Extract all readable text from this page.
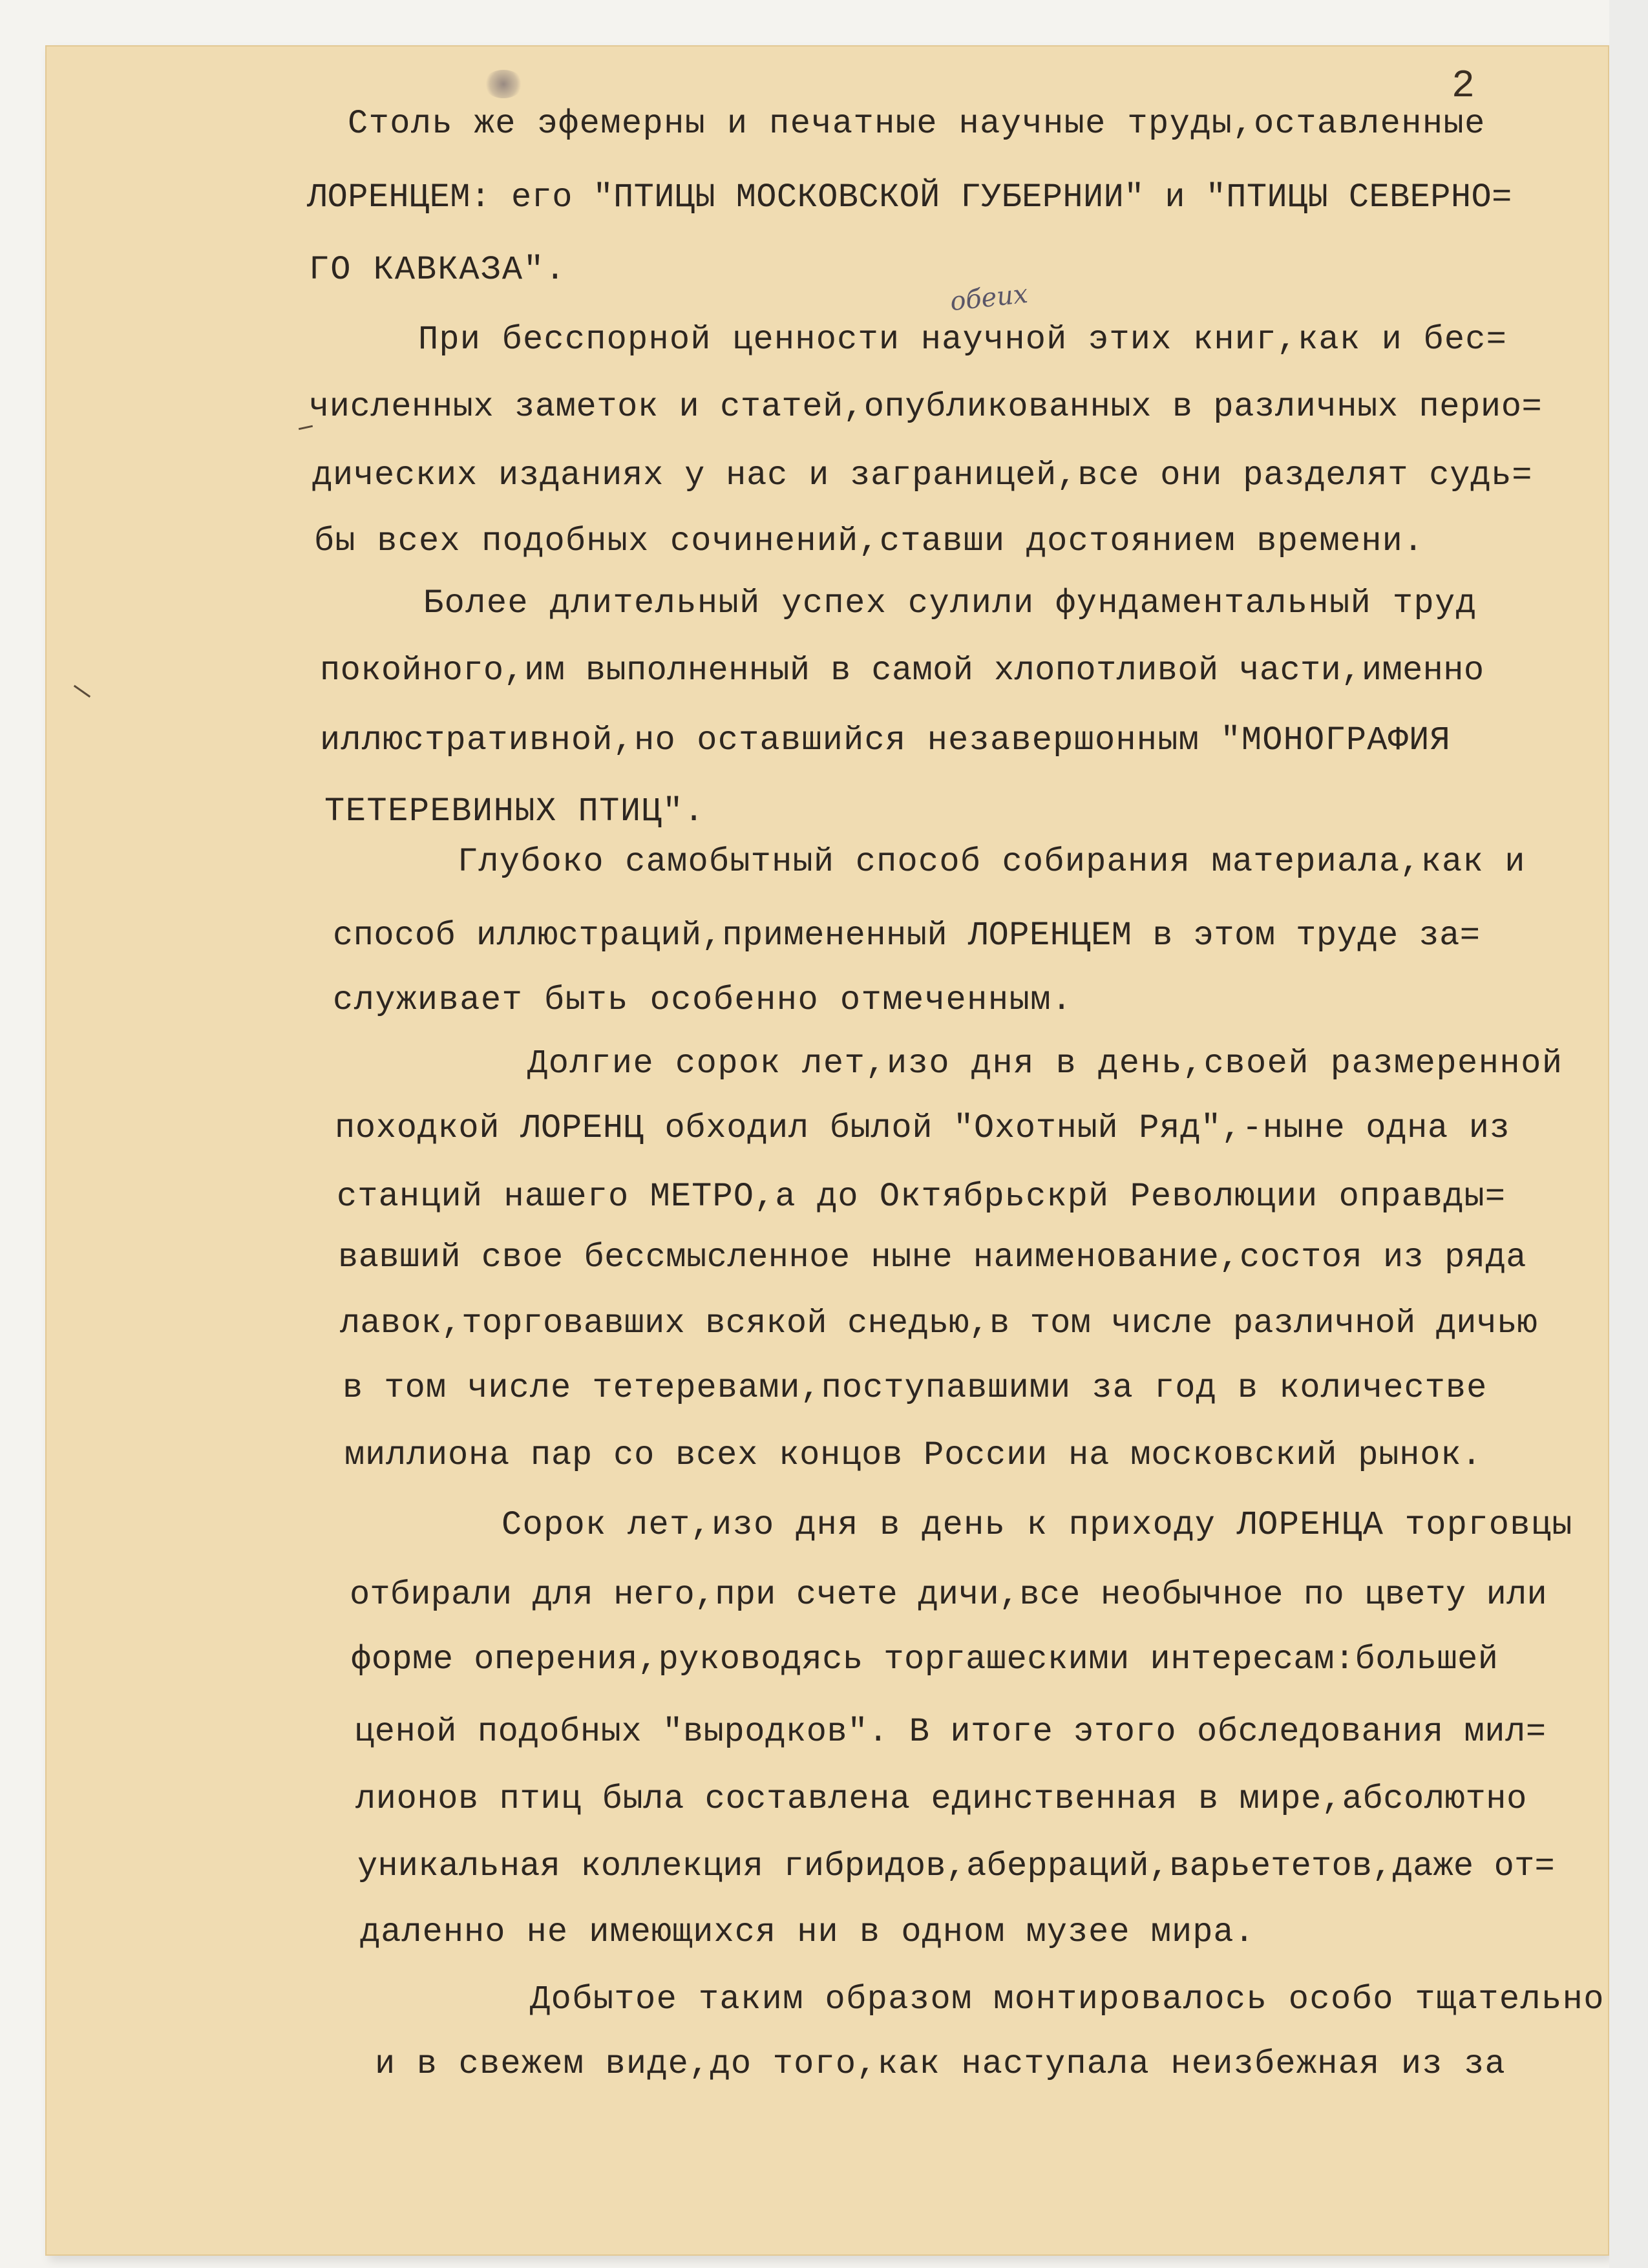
2
обеих
Столь же эфемерны и печатные научные труды,оставленные
ЛОРЕНЦЕМ: его "ПТИЦЫ МОСКОВСКОЙ ГУБЕРНИИ" и "ПТИЦЫ СЕВЕРНО=
ГО КАВКАЗА".
При бесспорной ценности научной этих книг,как и бес=
численных заметок и статей,опубликованных в различных перио=
дических изданиях у нас и заграницей,все они разделят судь=
бы всех подобных сочинений,ставши достоянием времени.
Более длительный успех сулили фундаментальный труд
покойного,им выполненный в самой хлопотливой части,именно
иллюстративной,но оставшийся незавершонным "МОНОГРАФИЯ
ТЕТЕРЕВИНЫХ ПТИЦ".
Глубоко самобытный способ собирания материала,как и
способ иллюстраций,примененный ЛОРЕНЦЕМ в этом труде за=
служивает быть особенно отмеченным.
Долгие сорок лет,изо дня в день,своей размеренной
походкой ЛОРЕНЦ обходил былой "Охотный Ряд",-ныне одна из
станций нашего МЕТРО,а до Октябрьскрй Революции оправды=
вавший свое бессмысленное ныне наименование,состоя из ряда
лавок,торговавших всякой снедью,в том числе различной дичью
в том числе тетеревами,поступавшими за год в количестве
миллиона пар со всех концов России на московский рынок.
Сорок лет,изо дня в день к приходу ЛОРЕНЦА торговцы
отбирали для него,при счете дичи,все необычное по цвету или
форме оперения,руководясь торгашескими интересам:большей
ценой подобных "выродков". В итоге этого обследования мил=
лионов птиц была составлена единственная в мире,абсолютно
уникальная коллекция гибридов,аберраций,варьететов,даже от=
даленно не имеющихся ни в одном музее мира.
Добытое таким образом монтировалось особо тщательно
и в свежем виде,до того,как наступала неизбежная из за
